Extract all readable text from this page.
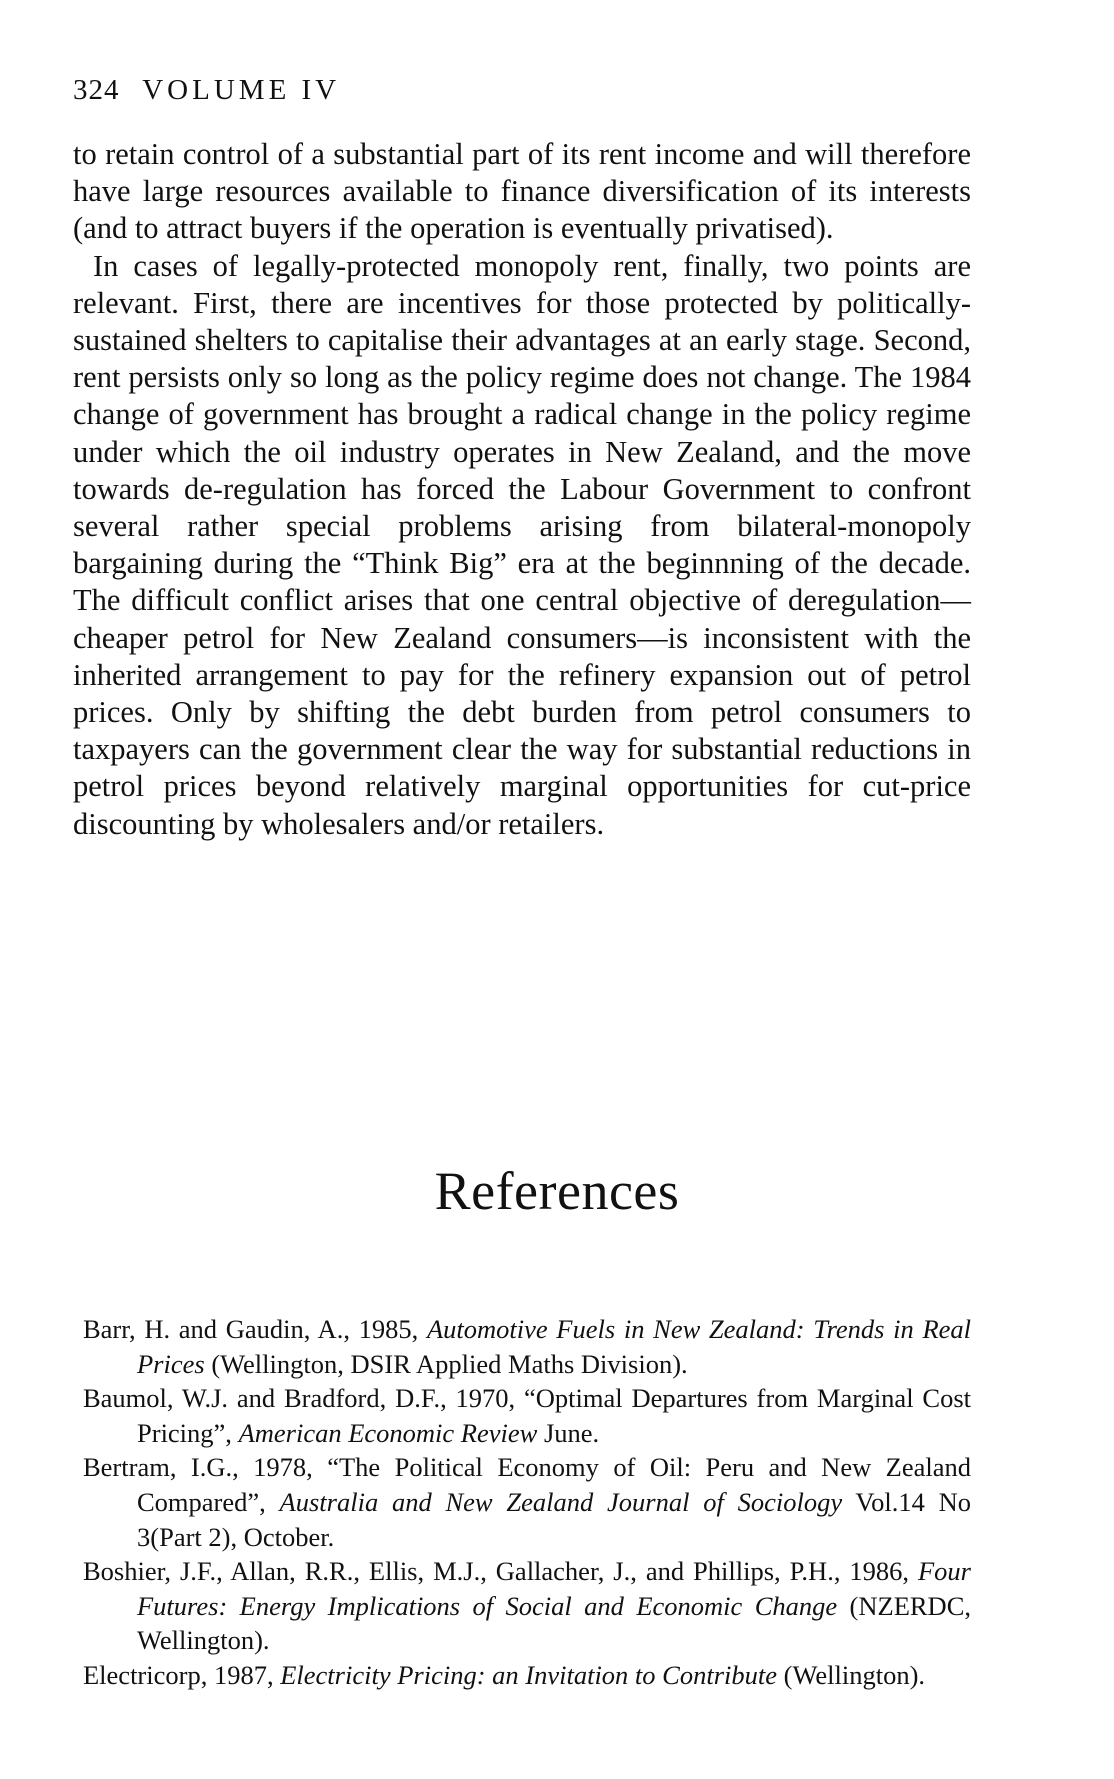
324 VOLUME IV

to retain control of a substantial part of its rent income and will therefore have large resources available to finance diversification of its interests (and to attract buyers if the operation is eventually privatised).

In cases of legally-protected monopoly rent, finally, two points are relevant. First, there are incentives for those protected by politically-sustained shelters to capitalise their advantages at an early stage. Second, rent persists only so long as the policy regime does not change. The 1984 change of government has brought a radical change in the policy regime under which the oil industry operates in New Zealand, and the move towards de-regulation has forced the Labour Government to confront several rather special problems arising from bilateral-monopoly bargaining during the “Think Big” era at the beginnning of the decade. The difficult conflict arises that one central objective of deregulation—cheaper petrol for New Zealand consumers—is inconsistent with the inherited arrangement to pay for the refinery expansion out of petrol prices. Only by shifting the debt burden from petrol consumers to taxpayers can the government clear the way for substantial reductions in petrol prices beyond relatively marginal opportunities for cut-price discounting by wholesalers and/or retailers.

References
Barr, H. and Gaudin, A., 1985, Automotive Fuels in New Zealand: Trends in Real Prices (Wellington, DSIR Applied Maths Division).
Baumol, W.J. and Bradford, D.F., 1970, “Optimal Departures from Marginal Cost Pricing”, American Economic Review June.
Bertram, I.G., 1978, “The Political Economy of Oil: Peru and New Zealand Compared”, Australia and New Zealand Journal of Sociology Vol.14 No 3(Part 2), October.
Boshier, J.F., Allan, R.R., Ellis, M.J., Gallacher, J., and Phillips, P.H., 1986, Four Futures: Energy Implications of Social and Economic Change (NZERDC, Wellington).
Electricorp, 1987, Electricity Pricing: an Invitation to Contribute (Wellington).
